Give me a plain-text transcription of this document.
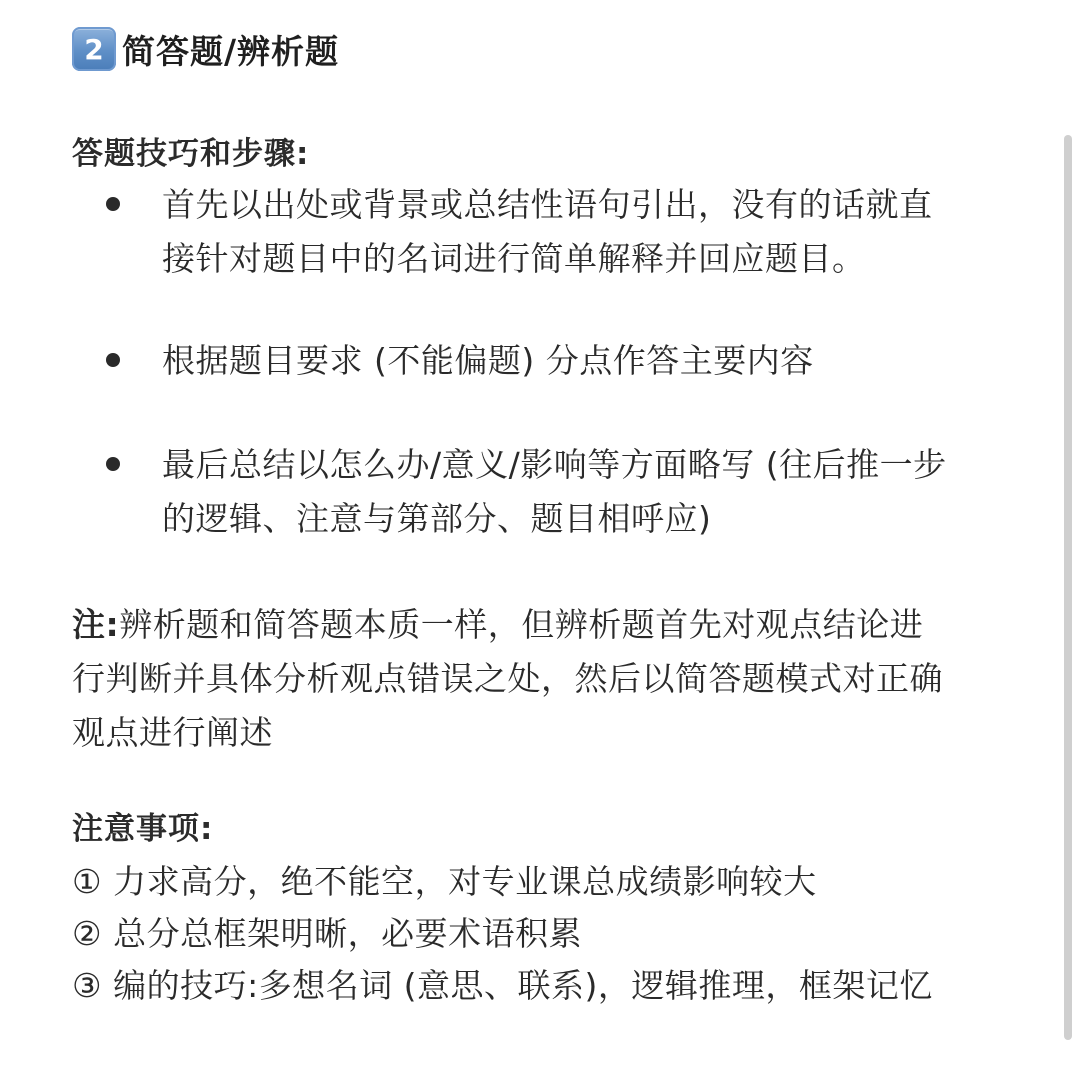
2 简答题/辨析题
答题技巧和步骤:
首先以出处或背景或总结性语句引出，没有的话就直
接针对题目中的名词进行简单解释并回应题目。
根据题目要求 (不能偏题) 分点作答主要内容
最后总结以怎么办/意义/影响等方面略写 (往后推一步
的逻辑、注意与第部分、题目相呼应)
注:辨析题和简答题本质一样，但辨析题首先对观点结论进
行判断并具体分析观点错误之处，然后以简答题模式对正确
观点进行阐述
注意事项:
① 力求高分，绝不能空，对专业课总成绩影响较大
② 总分总框架明晰，必要术语积累
③ 编的技巧:多想名词 (意思、联系)，逻辑推理，框架记忆
